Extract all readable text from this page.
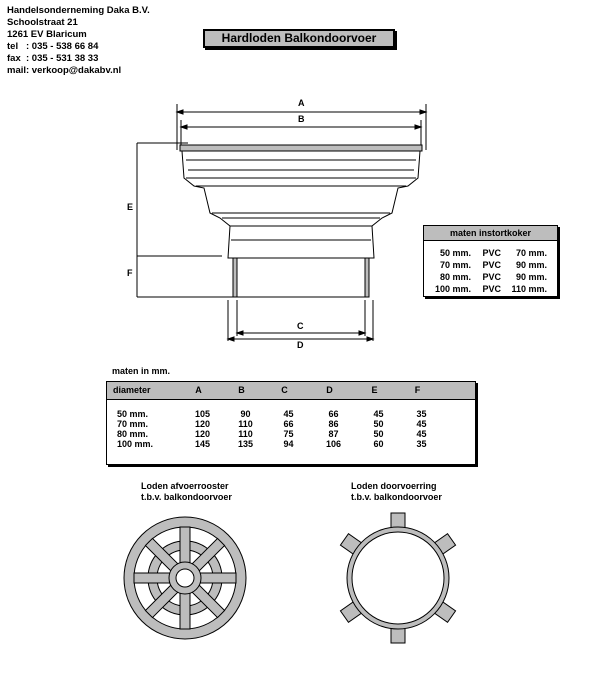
Handelsonderneming Daka B.V.
Schoolstraat 21
1261 EV Blaricum
tel   : 035 - 538 66 84
fax  : 035 - 531 38 33
mail: verkoop@dakabv.nl
Hardloden Balkondoorvoer
A
B
E
F
C
D
maten instortkoker
50 mm.	PVC	70 mm.
70 mm.	PVC	90 mm.
80 mm.	PVC	90 mm.
100 mm.	PVC	110 mm.
maten in mm.
diameter	A	B	C	D	E	F
50 mm.	105	90	45	66	45	35
70 mm.	120	110	66	86	50	45
80 mm.	120	110	75	87	50	45
100 mm.	145	135	94	106	60	35
Loden afvoerrooster
t.b.v. balkondoorvoer
Loden doorvoerring
t.b.v. balkondoorvoer
